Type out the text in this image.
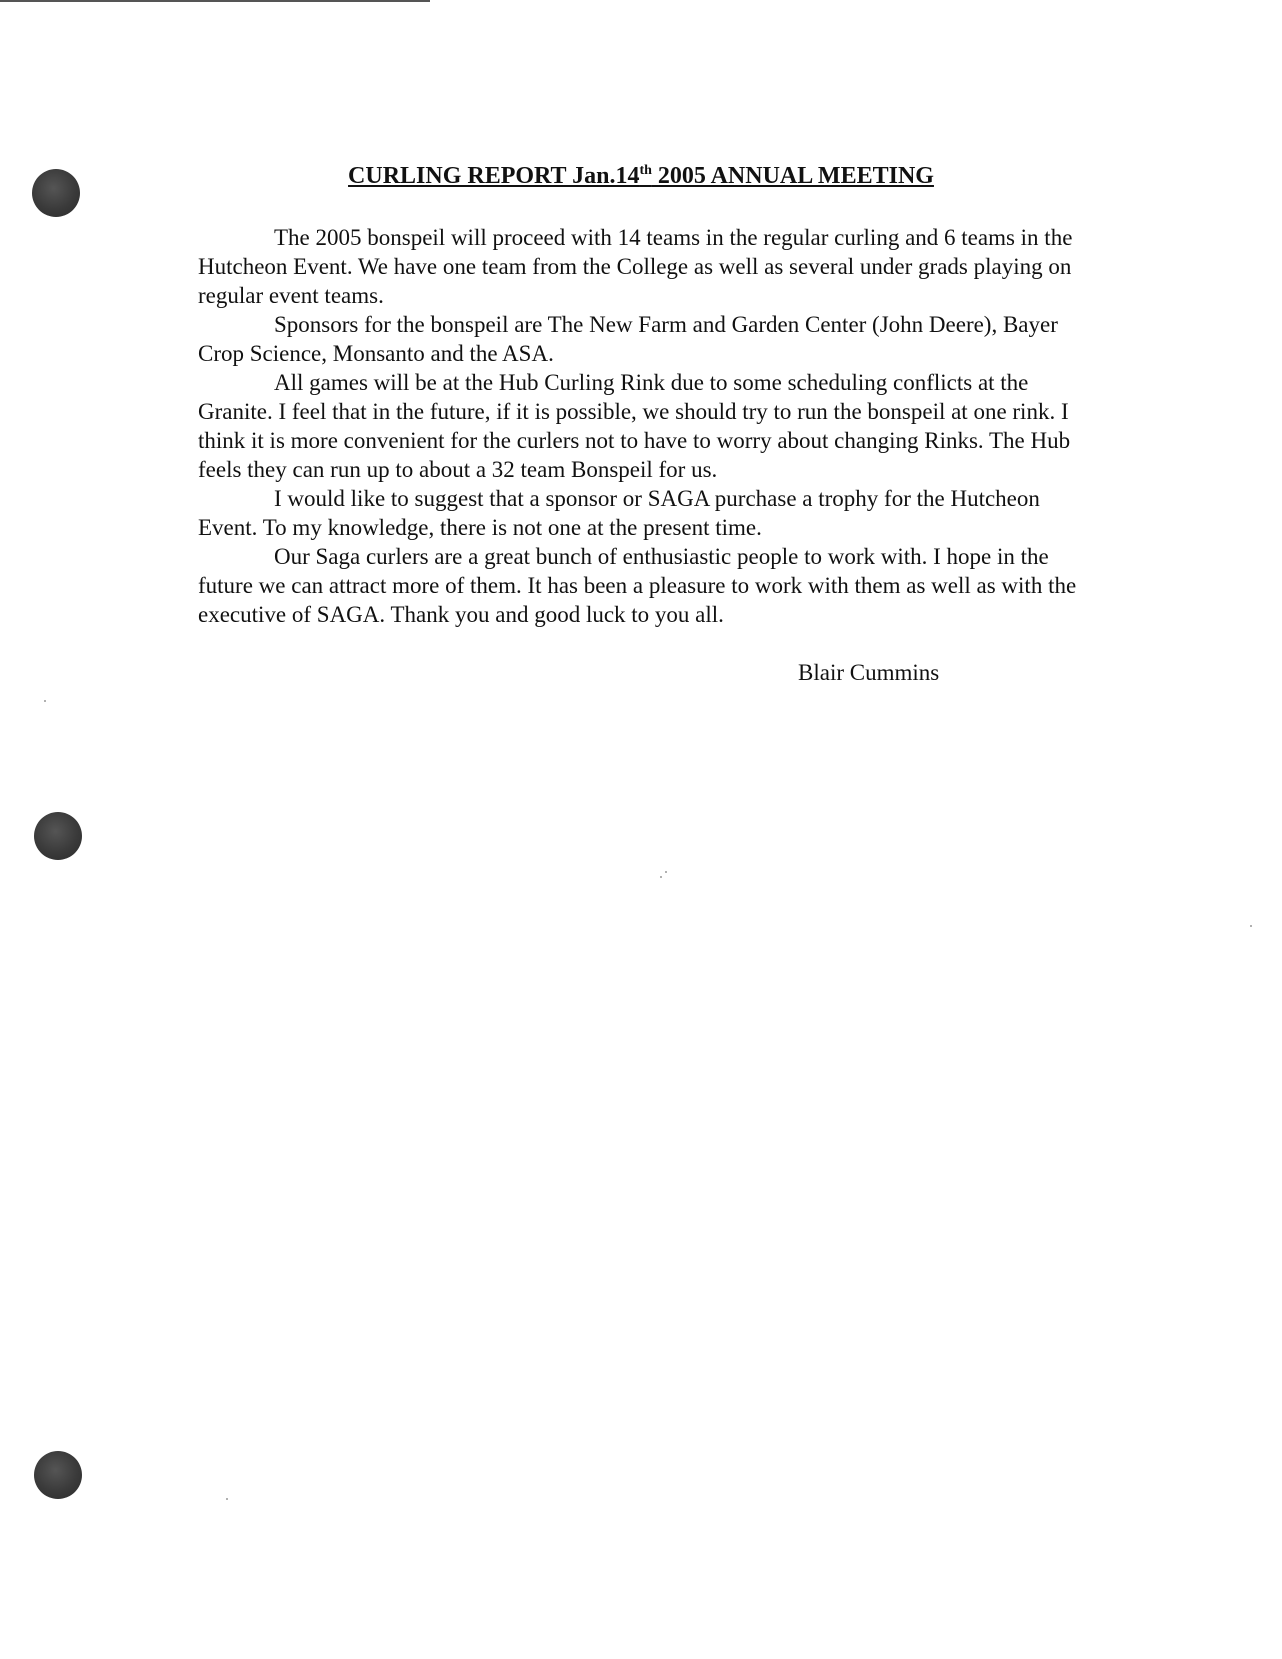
CURLING REPORT Jan.14th 2005 ANNUAL MEETING

The 2005 bonspeil will proceed with 14 teams in the regular curling and 6 teams in the Hutcheon Event. We have one team from the College as well as several under grads playing on regular event teams.

Sponsors for the bonspeil are The New Farm and Garden Center (John Deere), Bayer Crop Science, Monsanto and the ASA.

All games will be at the Hub Curling Rink due to some scheduling conflicts at the Granite. I feel that in the future, if it is possible, we should try to run the bonspeil at one rink. I think it is more convenient for the curlers not to have to worry about changing Rinks. The Hub feels they can run up to about a 32 team Bonspeil for us.

I would like to suggest that a sponsor or SAGA purchase a trophy for the Hutcheon Event. To my knowledge, there is not one at the present time.

Our Saga curlers are a great bunch of enthusiastic people to work with. I hope in the future we can attract more of them. It has been a pleasure to work with them as well as with the executive of SAGA. Thank you and good luck to you all.

Blair Cummins
